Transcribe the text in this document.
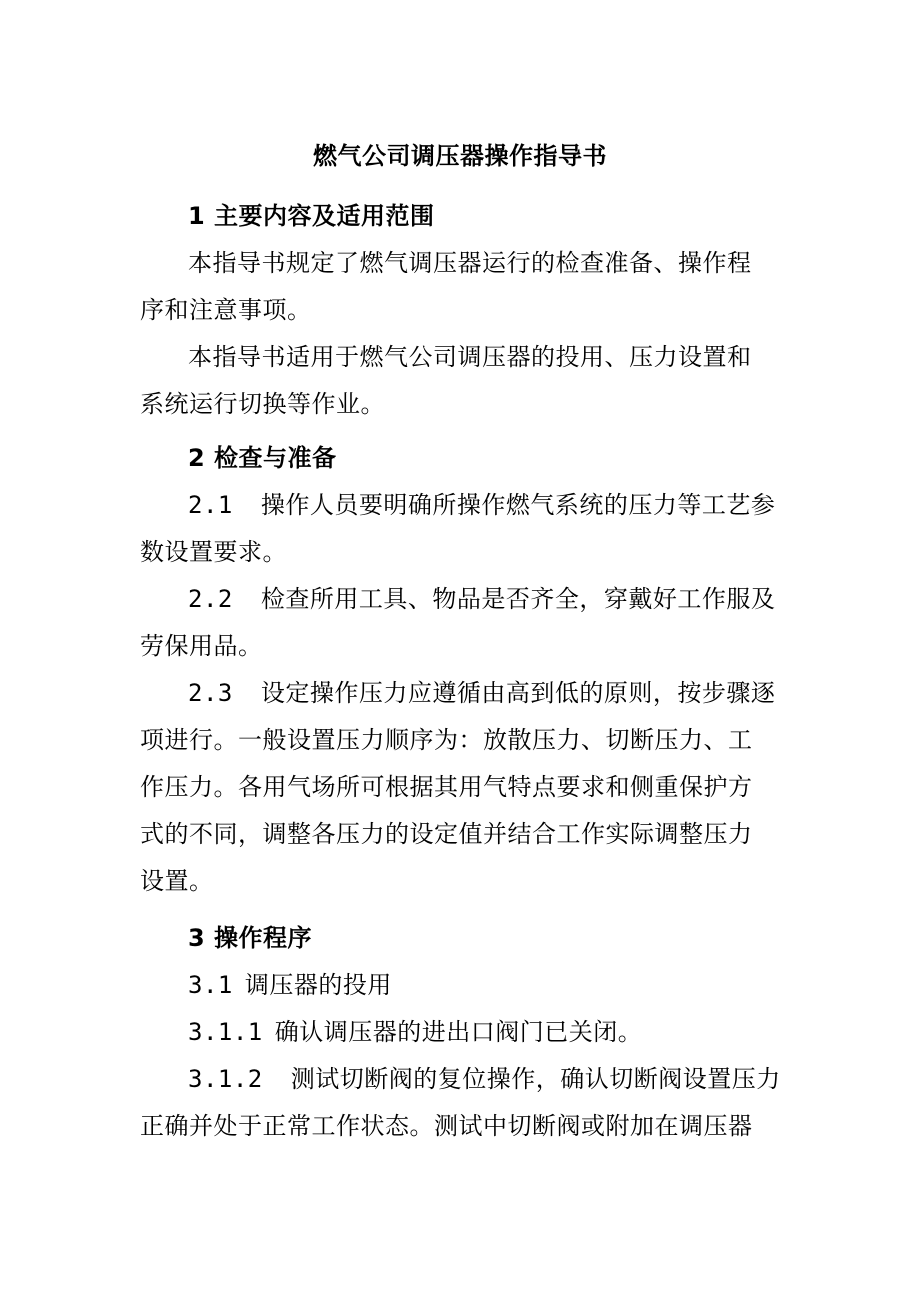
燃气公司调压器操作指导书
1 主要内容及适用范围
本指导书规定了燃气调压器运行的检查准备、操作程
序和注意事项。
本指导书适用于燃气公司调压器的投用、压力设置和
系统运行切换等作业。
2 检查与准备
2.1 操作人员要明确所操作燃气系统的压力等工艺参
数设置要求。
2.2 检查所用工具、物品是否齐全，穿戴好工作服及
劳保用品。
2.3 设定操作压力应遵循由高到低的原则，按步骤逐
项进行。一般设置压力顺序为：放散压力、切断压力、工
作压力。各用气场所可根据其用气特点要求和侧重保护方
式的不同，调整各压力的设定值并结合工作实际调整压力
设置。
3 操作程序
3.1 调压器的投用
3.1.1 确认调压器的进出口阀门已关闭。
3.1.2 测试切断阀的复位操作，确认切断阀设置压力
正确并处于正常工作状态。测试中切断阀或附加在调压器
